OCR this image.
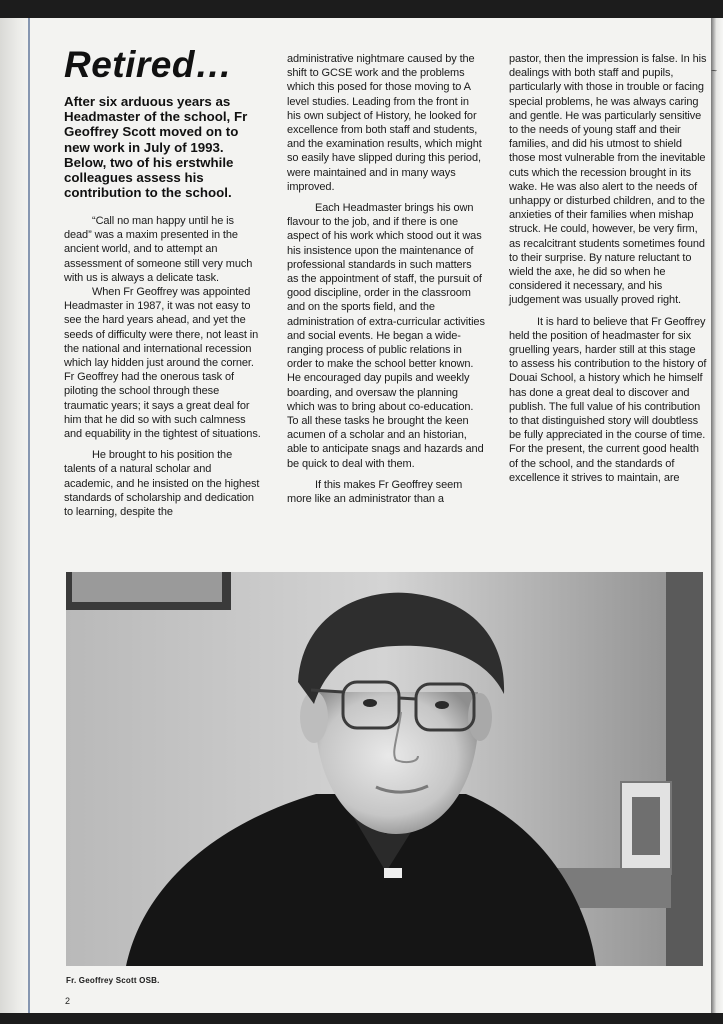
~
Retired…

After six arduous years as Headmaster of the school, Fr Geoffrey Scott moved on to new work in July of 1993. Below, two of his erstwhile colleagues assess his contribution to the school.

“Call no man happy until he is dead” was a maxim presented in the ancient world, and to attempt an assessment of someone still very much with us is always a delicate task.

When Fr Geoffrey was appointed Headmaster in 1987, it was not easy to see the hard years ahead, and yet the seeds of difficulty were there, not least in the national and international recession which lay hidden just around the corner.

Fr Geoffrey had the onerous task of piloting the school through these traumatic years; it says a great deal for him that he did so with such calmness and equability in the tightest of situations.

He brought to his position the talents of a natural scholar and academic, and he insisted on the highest standards of scholarship and dedication to learning, despite the

administrative nightmare caused by the shift to GCSE work and the problems which this posed for those moving to A level studies. Leading from the front in his own subject of History, he looked for excellence from both staff and students, and the examination results, which might so easily have slipped during this period, were maintained and in many ways improved.

Each Headmaster brings his own flavour to the job, and if there is one aspect of his work which stood out it was his insistence upon the maintenance of professional standards in such matters as the appointment of staff, the pursuit of good discipline, order in the classroom and on the sports field, and the administration of extra-curricular activities and social events. He began a wide-ranging process of public relations in order to make the school better known. He encouraged day pupils and weekly boarding, and oversaw the planning which was to bring about co-education. To all these tasks he brought the keen acumen of a scholar and an historian, able to anticipate snags and hazards and be quick to deal with them.

If this makes Fr Geoffrey seem more like an administrator than a

pastor, then the impression is false. In his dealings with both staff and pupils, particularly with those in trouble or facing special problems, he was always caring and gentle. He was particularly sensitive to the needs of young staff and their families, and did his utmost to shield those most vulnerable from the inevitable cuts which the recession brought in its wake. He was also alert to the needs of unhappy or disturbed children, and to the anxieties of their families when mishap struck. He could, however, be very firm, as recalcitrant students sometimes found to their surprise. By nature reluctant to wield the axe, he did so when he considered it necessary, and his judgement was usually proved right.

It is hard to believe that Fr Geoffrey held the position of headmaster for six gruelling years, harder still at this stage to assess his contribution to the history of Douai School, a history which he himself has done a great deal to discover and publish. The full value of his contribution to that distinguished story will doubtless be fully appreciated in the course of time. For the present, the current good health of the school, and the standards of excellence it strives to maintain, are

Fr. Geoffrey Scott OSB.

2
